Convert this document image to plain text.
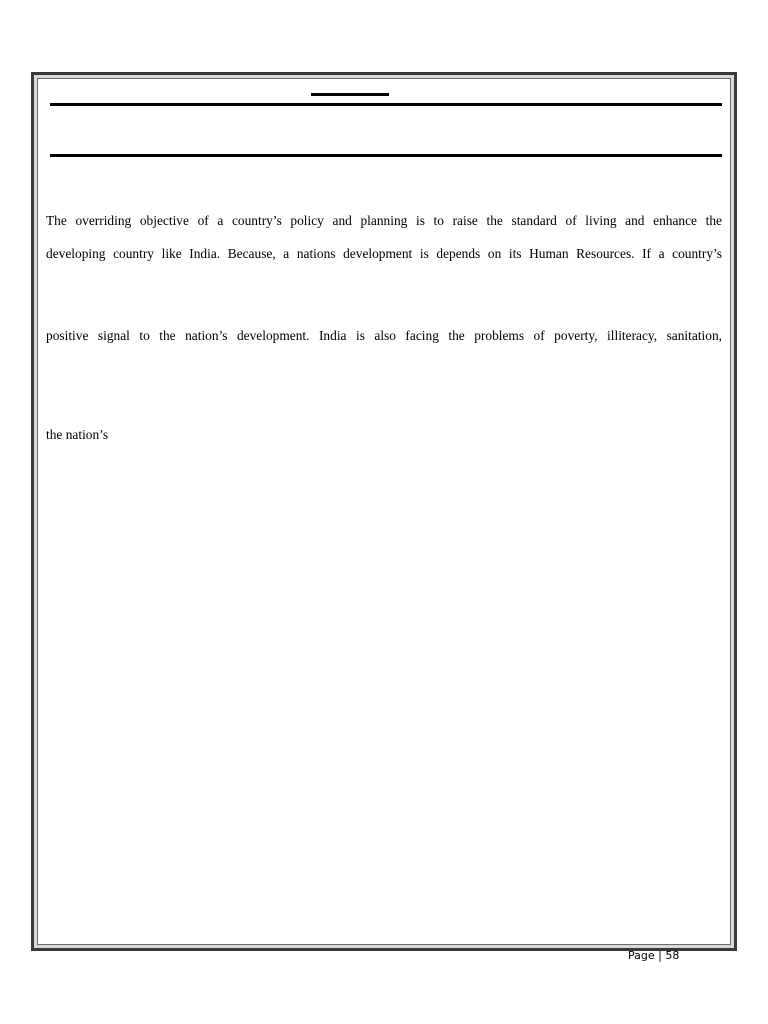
The overriding objective of a country’s policy and planning is to raise the standard of living and enhance the
developing country like India. Because, a nations development is depends on its Human Resources. If a country’s
positive signal to the nation’s development. India is also facing the problems of poverty, illiteracy, sanitation,
the nation’s
Page | 58
